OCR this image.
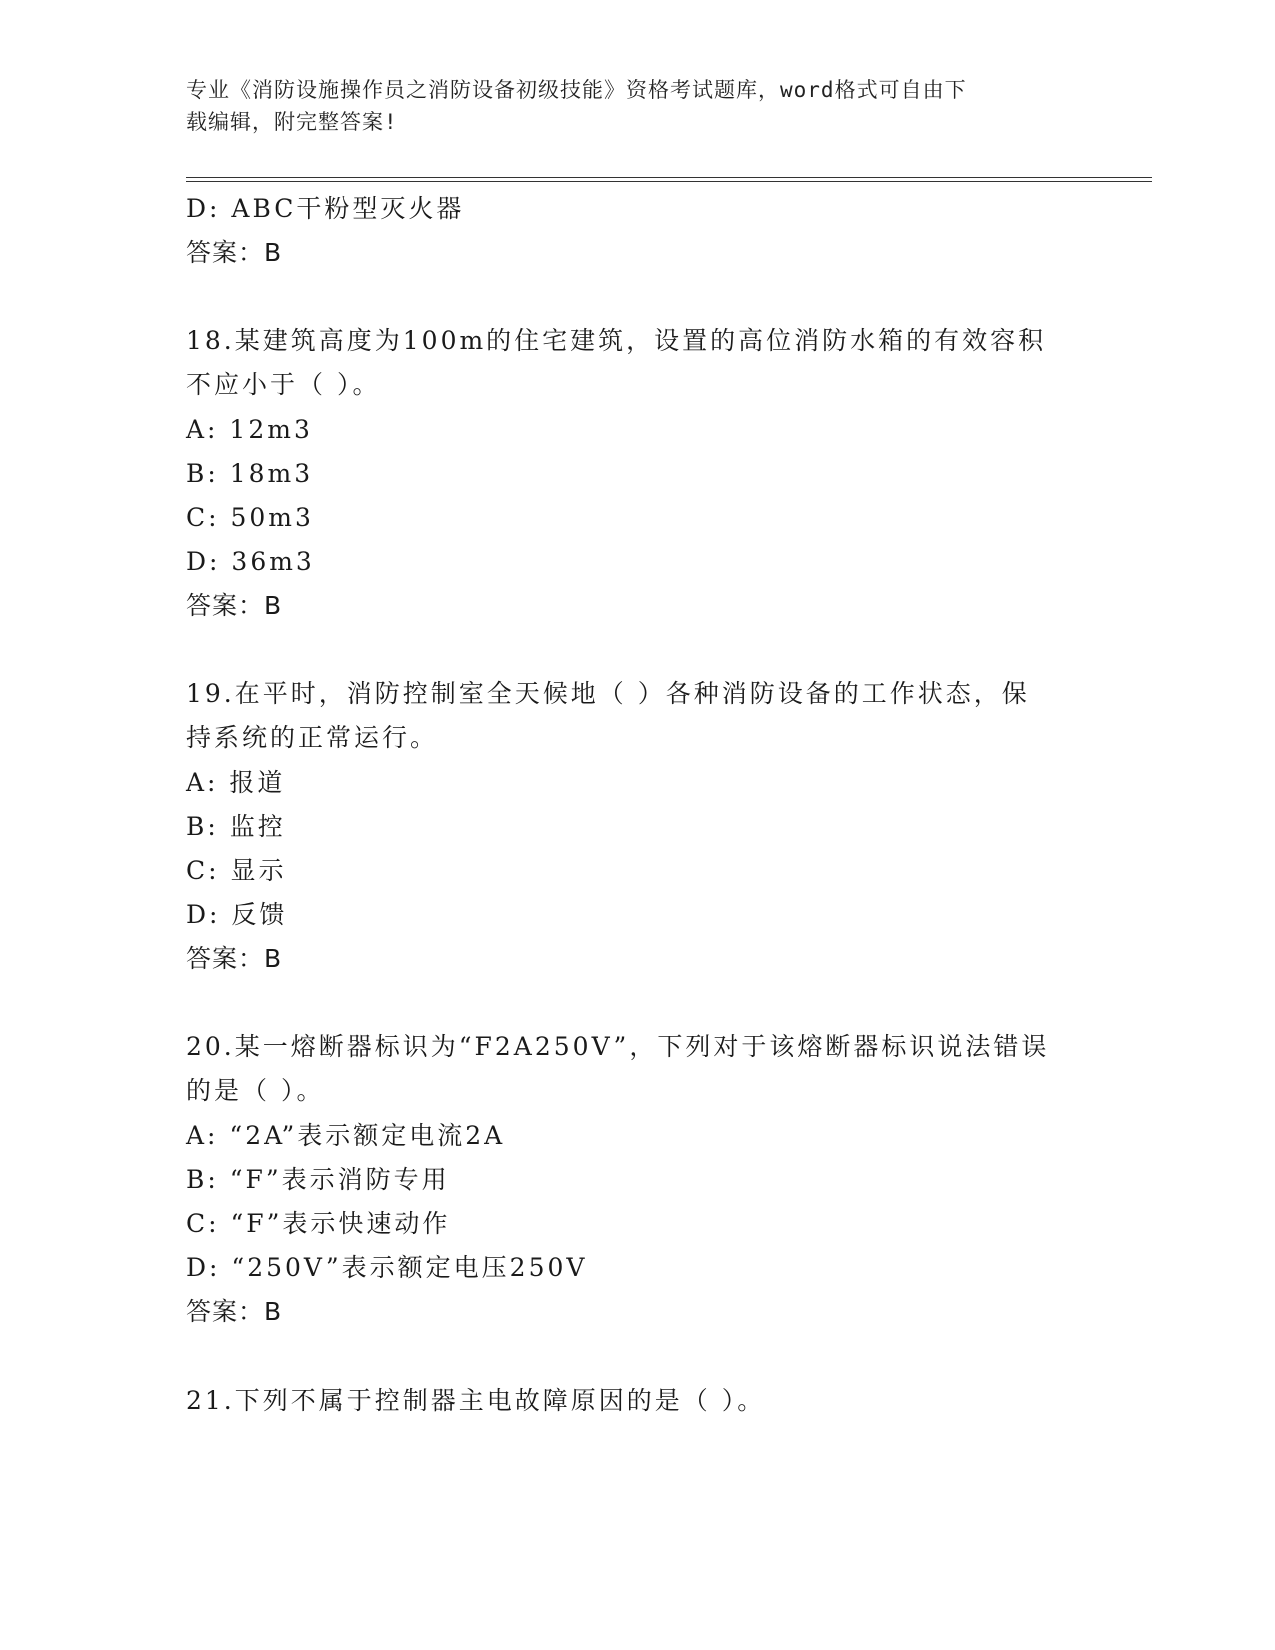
专业《消防设施操作员之消防设备初级技能》资格考试题库，word格式可自由下
载编辑，附完整答案!
D: ABC干粉型灭火器
答案：B
18.某建筑高度为100m的住宅建筑，设置的高位消防水箱的有效容积
不应小于（ ）。
A: 12m3
B: 18m3
C: 50m3
D: 36m3
答案：B
19.在平时，消防控制室全天候地（ ）各种消防设备的工作状态，保
持系统的正常运行。
A: 报道
B: 监控
C: 显示
D: 反馈
答案：B
20.某一熔断器标识为“F2A250V”，下列对于该熔断器标识说法错误
的是（ ）。
A: “2A”表示额定电流2A
B: “F”表示消防专用
C: “F”表示快速动作
D: “250V”表示额定电压250V
答案：B
21.下列不属于控制器主电故障原因的是（ ）。
